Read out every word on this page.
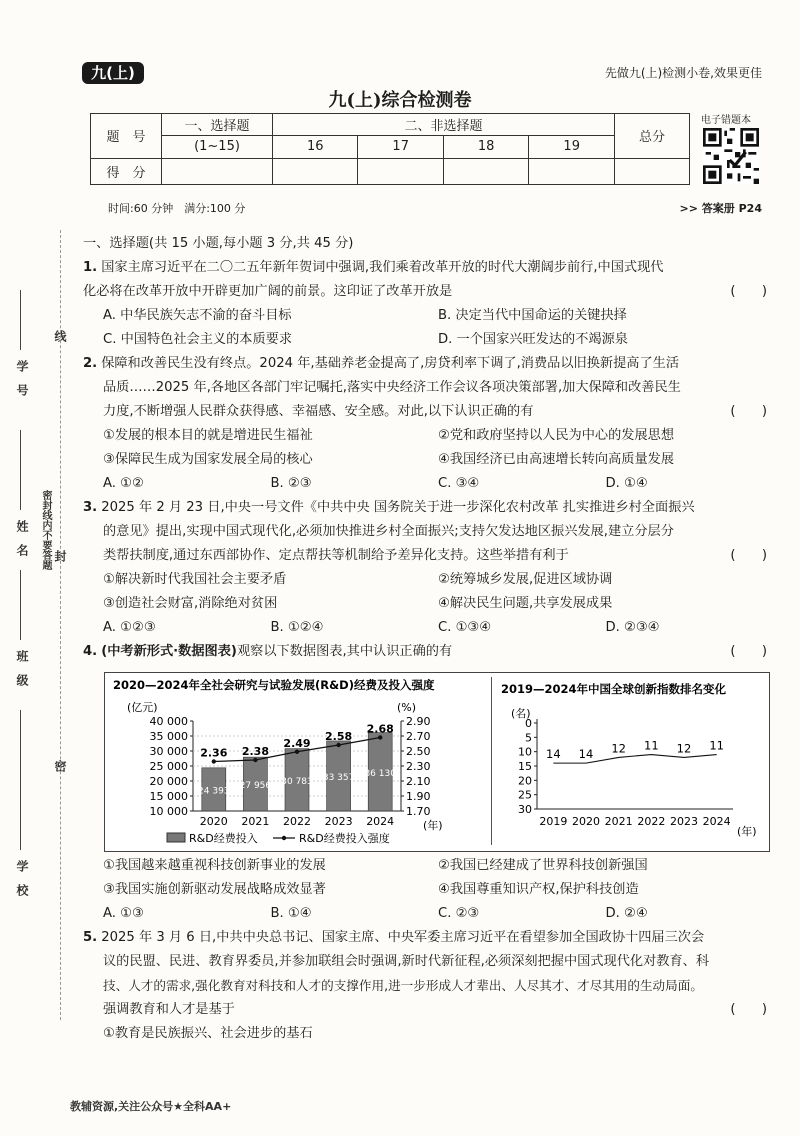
九(上)	先做九(上)检测小卷,效果更佳
九(上)综合检测卷
题　号	一、选择题	二、非选择题				总分
	(1~15)	16	17	18	19	
得　分						
电子错题本
时间:60 分钟　满分:100 分	>> 答案册 P24
学　号
姓　名
班　级
学　校
密封线内不要答题
线
封
密

一、选择题(共 15 小题,每小题 3 分,共 45 分)

1. 国家主席习近平在二〇二五年新年贺词中强调,我们乘着改革开放的时代大潮阔步前行,中国式现代

化必将在改革开放中开辟更加广阔的前景。这印证了改革开放是	(　　)

A. 中华民族矢志不渝的奋斗目标	B. 决定当代中国命运的关键抉择

C. 中国特色社会主义的本质要求	D. 一个国家兴旺发达的不竭源泉

2. 保障和改善民生没有终点。2024 年,基础养老金提高了,房贷利率下调了,消费品以旧换新提高了生活

品质……2025 年,各地区各部门牢记嘱托,落实中央经济工作会议各项决策部署,加大保障和改善民生

力度,不断增强人民群众获得感、幸福感、安全感。对此,以下认识正确的有	(　　)

①发展的根本目的就是增进民生福祉	②党和政府坚持以人民为中心的发展思想

③保障民生成为国家发展全局的核心	④我国经济已由高速增长转向高质量发展

A. ①②	B. ②③	C. ③④	D. ①④

3. 2025 年 2 月 23 日,中央一号文件《中共中央 国务院关于进一步深化农村改革 扎实推进乡村全面振兴

的意见》提出,实现中国式现代化,必须加快推进乡村全面振兴;支持欠发达地区振兴发展,建立分层分

类帮扶制度,通过东西部协作、定点帮扶等机制给予差异化支持。这些举措有利于	(　　)

①解决新时代我国社会主要矛盾	②统筹城乡发展,促进区域协调

③创造社会财富,消除绝对贫困	④解决民生问题,共享发展成果

A. ①②③	B. ①②④	C. ①③④	D. ②③④

4. (中考新形式·数据图表)观察以下数据图表,其中认识正确的有	(　　)

①我国越来越重视科技创新事业的发展	②我国已经建成了世界科技创新强国

③我国实施创新驱动发展战略成效显著	④我国尊重知识产权,保护科技创造

A. ①③	B. ①④	C. ②③	D. ②④

5. 2025 年 3 月 6 日,中共中央总书记、国家主席、中央军委主席习近平在看望参加全国政协十四届三次会

议的民盟、民进、教育界委员,并参加联组会时强调,新时代新征程,必须深刻把握中国式现代化对教育、科

技、人才的需求,强化教育对科技和人才的支撑作用,进一步形成人才辈出、人尽其才、才尽其用的生动局面。

强调教育和人才是基于	(　　)

①教育是民族振兴、社会进步的基石

2020—2024年全社会研究与试验发展(R&D)经费及投入强度
(亿元)	(%)
(年)
40 000
35 000
30 000
25 000
20 000
15 000
10 000
2.90
2.70
2.50
2.30
2.10
1.90
1.70
2020 2021 2022 2023 2024
24 393
27 956 30 783 33 357 36 130
2.36 2.38
2.49
2.58
2.68
R&D经费投入	R&D经费投入强度
2019—2024年中国全球创新指数排名变化
(名)
(年)
0
5
10
15
20
25
30
2019 2020 2021 2022 2023 2024
14 14 12 11 12 11
教辅资源,关注公众号★全科AA+
